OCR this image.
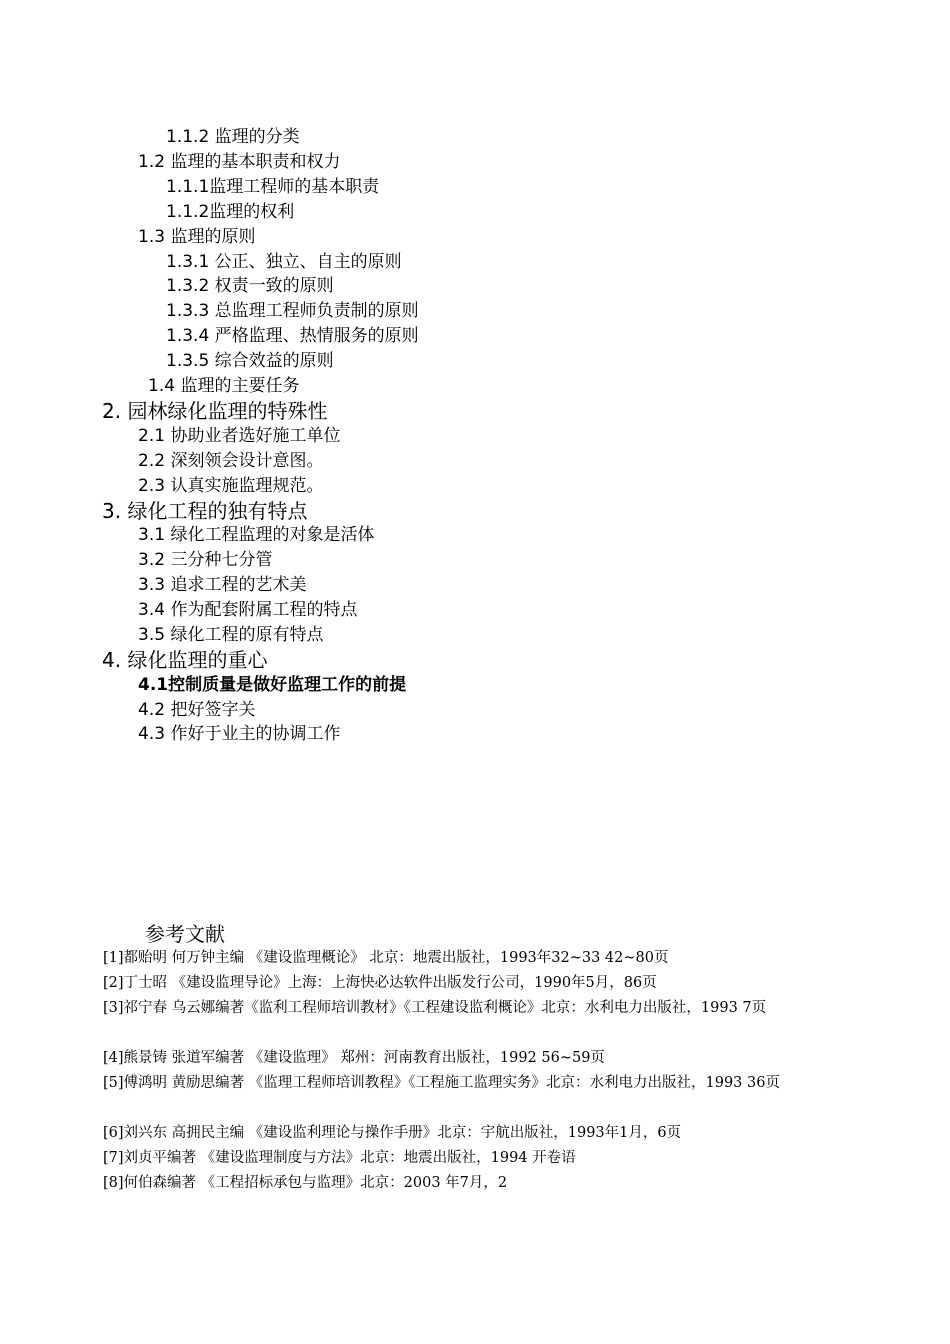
1.1.2 监理的分类
1.2 监理的基本职责和权力
1.1.1监理工程师的基本职责
1.1.2监理的权利
1.3 监理的原则
1.3.1 公正、独立、自主的原则
1.3.2 权责一致的原则
1.3.3 总监理工程师负责制的原则
1.3.4 严格监理、热情服务的原则
1.3.5 综合效益的原则
1.4 监理的主要任务
2. 园林绿化监理的特殊性
2.1 协助业者选好施工单位
2.2 深刻领会设计意图。
2.3 认真实施监理规范。
3. 绿化工程的独有特点
3.1 绿化工程监理的对象是活体
3.2 三分种七分管
3.3 追求工程的艺术美
3.4 作为配套附属工程的特点
3.5 绿化工程的原有特点
4. 绿化监理的重心
4.1控制质量是做好监理工作的前提
4.2 把好签字关
4.3 作好于业主的协调工作
参考文献
[1]都贻明 何万钟主编 《建设监理概论》 北京：地震出版社，1993年32~33 42~80页
[2]丁士昭 《建设监理导论》上海：上海快必达软件出版发行公司，1990年5月，86页
[3]祁宁春 乌云娜编著《监利工程师培训教材》《工程建设监利概论》北京：水利电力出版社，1993 7页
[4]熊景铸 张道军编著 《建设监理》 郑州：河南教育出版社，1992 56~59页
[5]傅鸿明 黄励思编著 《监理工程师培训教程》《工程施工监理实务》北京：水利电力出版社，1993 36页
[6]刘兴东 高拥民主编 《建设监利理论与操作手册》北京：宇航出版社，1993年1月，6页
[7]刘贞平编著 《建设监理制度与方法》北京：地震出版社，1994 开卷语
[8]何伯森编著 《工程招标承包与监理》北京：2003 年7月，2
